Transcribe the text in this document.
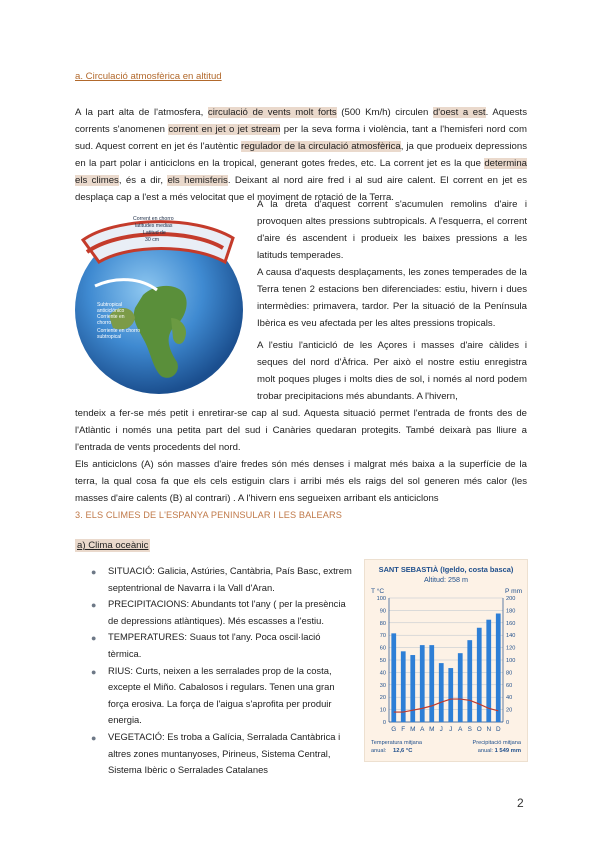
a. Circulació atmosfèrica en altitud

A la part alta de l'atmosfera, circulació de vents molt forts (500 Km/h) circulen d'oest a est. Aquests corrents s'anomenen corrent en jet o jet stream per la seva forma i violència, tant a l'hemisferi nord com sud. Aquest corrent en jet és l'autèntic regulador de la circulació atmosfèrica, ja que produeix depressions en la part polar i anticiclons en la tropical, generant gotes fredes, etc. La corrent jet es la que determina els climes, és a dir, els hemisferis. Deixant al nord aire fred i al sud aire calent. El corrent en jet es desplaça cap a l'est a més velocitat que el moviment de rotació de la Terra.

Corrent en chorro
latitudes medias
Latitud de
30 cm
Subtropical
anticiclónico
Corriente en
chorro
Corriente en chorro
subtropical

A la dreta d'aquest corrent s'acumulen remolins d'aire i provoquen altes pressions subtropicals. A l'esquerra, el corrent d'aire és ascendent i produeix les baixes pressions a les latituds temperades.

A causa d'aquests desplaçaments, les zones temperades de la Terra tenen 2 estacions ben diferenciades: estiu, hivern i dues intermèdies: primavera, tardor. Per la situació de la Península Ibèrica es veu afectada per les altes pressions tropicals.

A l'estiu l'anticicló de les Açores i masses d'aire càlides i seques del nord d'Àfrica. Per això el nostre estiu enregistra molt poques pluges i molts dies de sol, i només al nord podem trobar precipitacions més abundants. A l'hivern,

tendeix a fer-se més petit i enretirar-se cap al sud. Aquesta situació permet l'entrada de fronts des de l'Atlàntic i només una petita part del sud i Canàries quedaran protegits. També deixarà pas lliure a l'entrada de vents procedents del nord.

Els anticiclons (A) són masses d'aire fredes són més denses i malgrat més baixa a la superfície de la terra, la qual cosa fa que els cels estiguin clars i arribi més els raigs del sol generen més calor (les masses d'aire calents (B) al contrari) . A l'hivern ens segueixen arribant els anticiclons

3. ELS CLIMES DE L'ESPANYA PENINSULAR I LES BALEARS
a) Clima oceànic
● SITUACIÓ: Galicia, Astúries, Cantàbria, País Basc, extrem septentrional de Navarra i la Vall d'Aran.
● PRECIPITACIONS: Abundants tot l'any ( per la presència de depressions atlàntiques). Més escasses a l'estiu.
● TEMPERATURES: Suaus tot l'any. Poca oscil·lació tèrmica.
● RIUS: Curts, neixen a les serralades prop de la costa, excepte el Miño. Cabalosos i regulars. Tenen una gran força erosiva. La força de l'aigua s'aprofita per produir energia.
● VEGETACIÓ: Es troba a Galícia, Serralada Cantàbrica i altres zones muntanyoses, Pirineus, Sistema Central, Sistema Ibèric o Serralades Catalanes
SANT SEBASTIÀ (Igeldo, costa basca)
Altitud: 258 m
T °C	P mm
0
0
20
10
40
20
60
30
80
40
100
50
120
60
140
70
160
80
180
90
200
100
G F M A M J J A S O N D
Temperatura mitjana
anual: 12,6 °C
Precipitació mitjana
anual: 1 549 mm
2
